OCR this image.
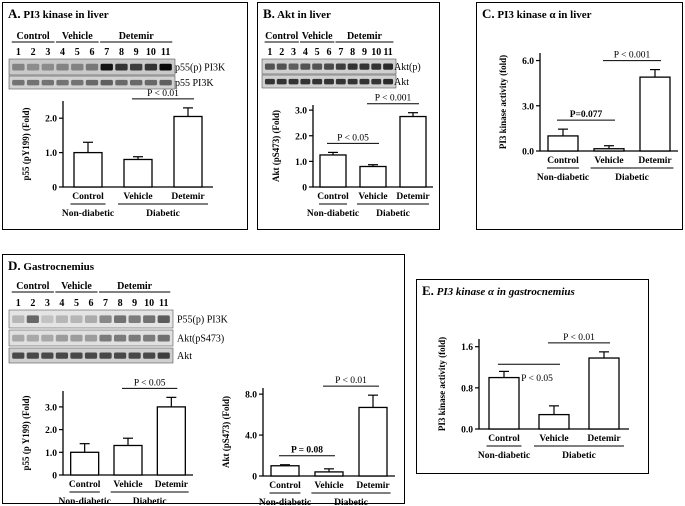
A. PI3 kinase in liver
Control Vehicle	Detemir
1 2 3 4 5 6 7 8 9 10 11
p55(p) PI3K
p55 PI3K
0
1.0
2.0
Control Vehicle Detemir
Non-diabetic	Diabetic
P < 0.01
p55 (pY199) (Fold)
B. Akt in liver
Control Vehicle Detemir
1 2 3 4 5 6 7 8 9 10 11
Akt(p)
Akt
0
1.0
2.0
3.0
Control Vehicle Detemir
Non-diabetic Diabetic
P < 0.05
P < 0.001
Akt (pS473) (Fold)
C. PI3 kinase α in liver
0.0
3.0
6.0
Control Vehicle Detemir
Non-diabetic	Diabetic
P=0.077
P < 0.001
PI3 kinase activity (fold)
D. Gastrocnemius
Control Vehicle	Detemir
1 2 3 4 5 6 7 8 9 10 11
P55(p) PI3K
Akt(pS473)
Akt
0
1.0
2.0
3.0
Control Vehicle Detemir
Non-diabetic Diabetic
P < 0.05
p55 (p Y199) (Fold)
0
4.0
8.0
Control Vehicle Detemir
Non-diabetic Diabetic
P = 0.08
P < 0.01
Akt (pS473) (Fold)
E. PI3 kinase α in gastrocnemius
0.0
0.8
1.6
Control Vehicle Detemir
Non-diabetic	Diabetic
P < 0.05
P < 0.01
PI3 kinase activity (fold)
